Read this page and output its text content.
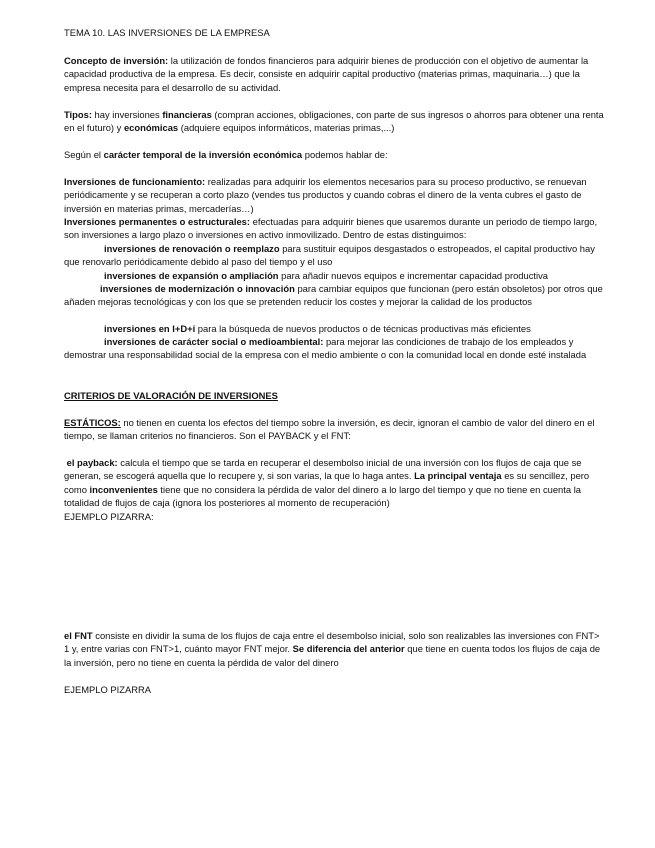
TEMA 10. LAS INVERSIONES DE LA EMPRESA

Concepto de inversión: la utilización de fondos financieros para adquirir bienes de producción con el objetivo de aumentar la capacidad productiva de la empresa. Es decir, consiste en adquirir capital productivo (materias primas, maquinaria…) que la empresa necesita para el desarrollo de su actividad.

Tipos: hay inversiones financieras (compran acciones, obligaciones, con parte de sus ingresos o ahorros para obtener una renta en el futuro) y económicas (adquiere equipos informáticos, materias primas,...)

Según el carácter temporal de la inversión económica podemos hablar de:

Inversiones de funcionamiento: realizadas para adquirir los elementos necesarios para su proceso productivo, se renuevan periódicamente y se recuperan a corto plazo (vendes tus productos y cuando cobras el dinero de la venta cubres el gasto de inversión en materias primas, mercaderías…)

Inversiones permanentes o estructurales: efectuadas para adquirir bienes que usaremos durante un periodo de tiempo largo, son inversiones a largo plazo o inversiones en activo inmovilizado. Dentro de estas distinguimos:

inversiones de renovación o reemplazo para sustituir equipos desgastados o estropeados, el capital productivo hay que renovarlo periódicamente debido al paso del tiempo y el uso

inversiones de expansión o ampliación para añadir nuevos equipos e incrementar capacidad productiva

inversiones de modernización o innovación para cambiar equipos que funcionan (pero están obsoletos) por otros que añaden mejoras tecnológicas y con los que se pretenden reducir los costes y mejorar la calidad de los productos

inversiones en I+D+i para la búsqueda de nuevos productos o de técnicas productivas más eficientes

inversiones de carácter social o medioambiental: para mejorar las condiciones de trabajo de los empleados y demostrar una responsabilidad social de la empresa con el medio ambiente o con la comunidad local en donde esté instalada

CRITERIOS DE VALORACIÓN DE INVERSIONES

ESTÁTICOS: no tienen en cuenta los efectos del tiempo sobre la inversión, es decir, ignoran el cambio de valor del dinero en el tiempo, se llaman criterios no financieros. Son el PAYBACK y el FNT:

el payback: calcula el tiempo que se tarda en recuperar el desembolso inicial de una inversión con los flujos de caja que se generan, se escogerá aquella que lo recupere y, si son varias, la que lo haga antes. La principal ventaja es su sencillez, pero como inconvenientes tiene que no considera la pérdida de valor del dinero a lo largo del tiempo y que no tiene en cuenta la totalidad de flujos de caja (ignora los posteriores al momento de recuperación)

EJEMPLO PIZARRA:

el FNT consiste en dividir la suma de los flujos de caja entre el desembolso inicial, solo son realizables las inversiones con FNT> 1 y, entre varias con FNT>1, cuánto mayor FNT mejor. Se diferencia del anterior que tiene en cuenta todos los flujos de caja de la inversión, pero no tiene en cuenta la pérdida de valor del dinero

EJEMPLO PIZARRA
